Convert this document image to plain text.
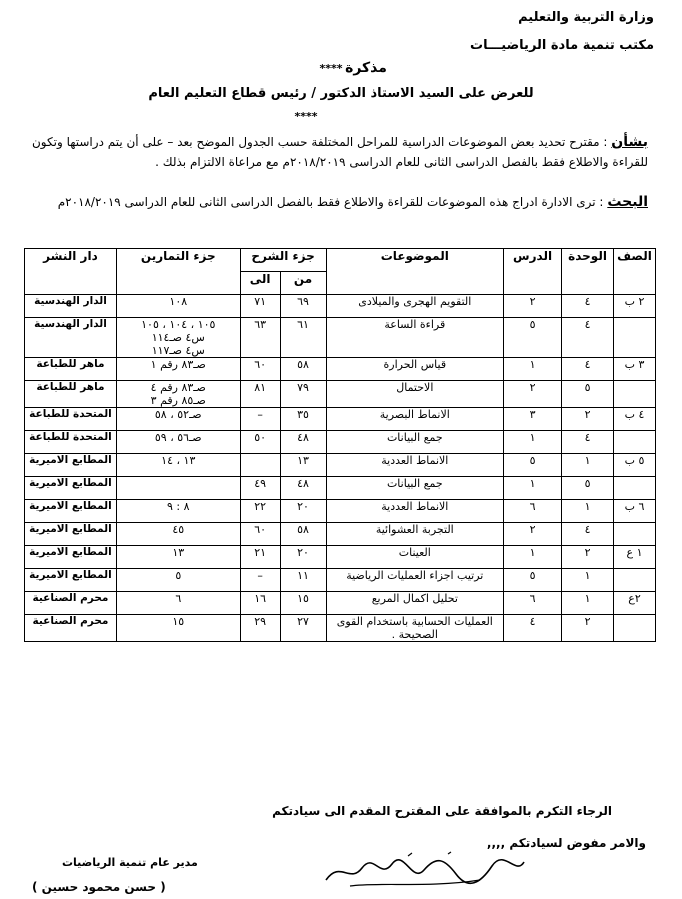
وزارة التربية والتعليم
مكتب تنمية مادة الرياضيـــات
مذكرة
****
للعرض على السيد الاستاذ الدكتور / رئيس قطاع التعليم العام
****
بشأن : مقترح تحديد بعض الموضوعات الدراسية للمراحل المختلفة حسب الجدول الموضح بعد – على أن يتم دراستها وتكون للقراءة والاطلاع فقط بالفصل الدراسى الثانى للعام الدراسى ٢٠١٨/٢٠١٩م مع مراعاة الالتزام بذلك .
البحث : ترى الادارة ادراج هذه الموضوعات للقراءة والاطلاع فقط بالفصل الدراسى الثانى للعام الدراسى ٢٠١٨/٢٠١٩م
الصف	الوحدة	الدرس	الموضوعات	جزء الشرح		جزء التمارين	دار النشر
				من	الى		
٢ ب	٤	٢	التقويم الهجرى والميلادى	٦٩	٧١	١٠٨	الدار الهندسية
	٤	٥	قراءة الساعة	٦١	٦٣	١٠٥ ، ١٠٤ ، ١٠٥
س٤ صـ١١٤
س٤ صـ١١٧	الدار الهندسية
٣ ب	٤	١	قياس الحرارة	٥٨	٦٠	صـ٨٣ رقم ١	ماهر للطباعة
	٥	٢	الاحتمال	٧٩	٨١	صـ٨٣ رقم ٤
صـ٨٥ رقم ٣	ماهر للطباعة
٤ ب	٢	٣	الانماط البصرية	٣٥	–	صـ٥٢ ، ٥٨	المتحدة للطباعة
	٤	١	جمع البيانات	٤٨	٥٠	صـ٥٦ ، ٥٩	المتحدة للطباعة
٥ ب	١	٥	الانماط العددية	١٣		١٣ ، ١٤	المطابع الاميرية
	٥	١	جمع البيانات	٤٨	٤٩		المطابع الاميرية
٦ ب	١	٦	الانماط العددية	٢٠	٢٢	٨ : ٩	المطابع الاميرية
	٤	٢	التجربة العشوائية	٥٨	٦٠	٤٥	المطابع الاميرية
١ ع	٢	١	العينات	٢٠	٢١	١٣	المطابع الاميرية
	١	٥	ترتيب اجزاء العمليات الرياضية	١١	–	٥	المطابع الاميرية
٢ع	١	٦	تحليل اكمال المربع	١٥	١٦	٦	محرم الصناعية
	٢	٤	العمليات الحسابية باستخدام القوى الصحيحة .	٢٧	٢٩	١٥	محرم الصناعية
الرجاء التكرم بالموافقة على المقترح المقدم الى سيادتكم
والامر مفوض لسيادتكم ,,,,
مدير عام تنمية الرياضيات
( حسن محمود حسين )
